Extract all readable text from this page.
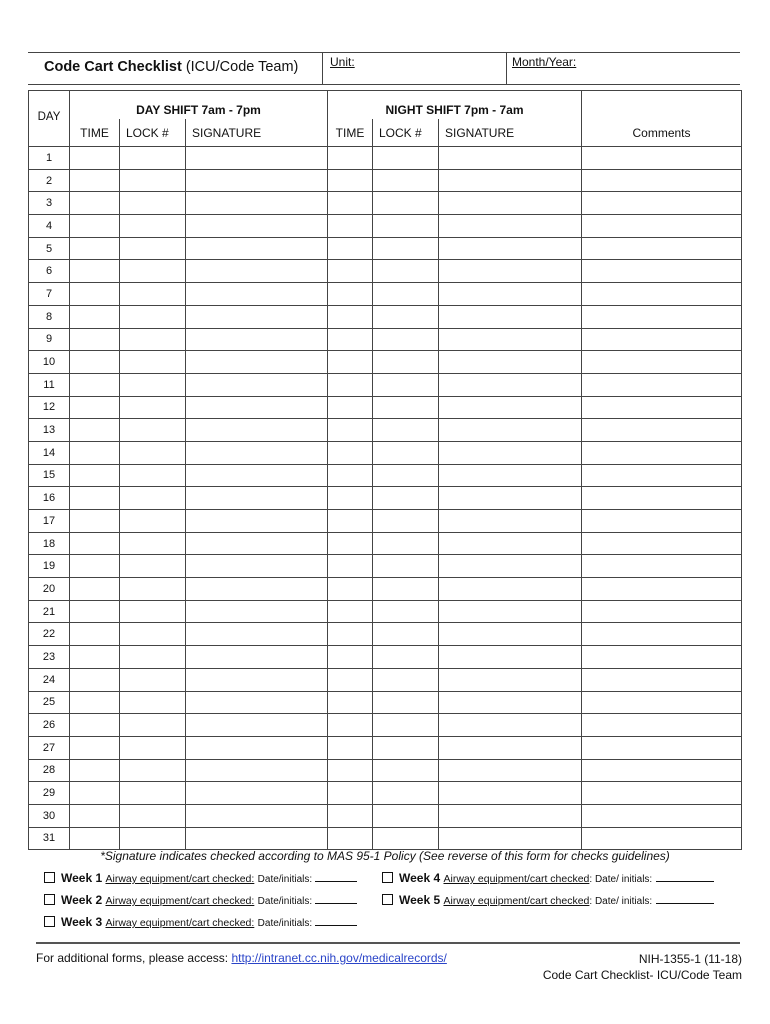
Code Cart Checklist (ICU/Code Team)	Unit:	Month/Year:
DAY	DAY SHIFT 7am - 7pm			NIGHT SHIFT 7pm - 7am			
	TIME	LOCK #	SIGNATURE	TIME	LOCK #	SIGNATURE	Comments
1							
2							
3							
4							
5							
6							
7							
8							
9							
10							
11							
12							
13							
14							
15							
16							
17							
18							
19							
20							
21							
22							
23							
24							
25							
26							
27							
28							
29							
30							
31							
*Signature indicates checked according to MAS 95-1 Policy (See reverse of this form for checks guidelines)
Week 1 Airway equipment/cart checked: Date/initials:
Week 2 Airway equipment/cart checked: Date/initials:
Week 3 Airway equipment/cart checked: Date/initials:
Week 4 Airway equipment/cart checked: Date/ initials:
Week 5 Airway equipment/cart checked: Date/ initials:
For additional forms, please access: http://intranet.cc.nih.gov/medicalrecords/	NIH-1355-1 (11-18)
Code Cart Checklist- ICU/Code Team
